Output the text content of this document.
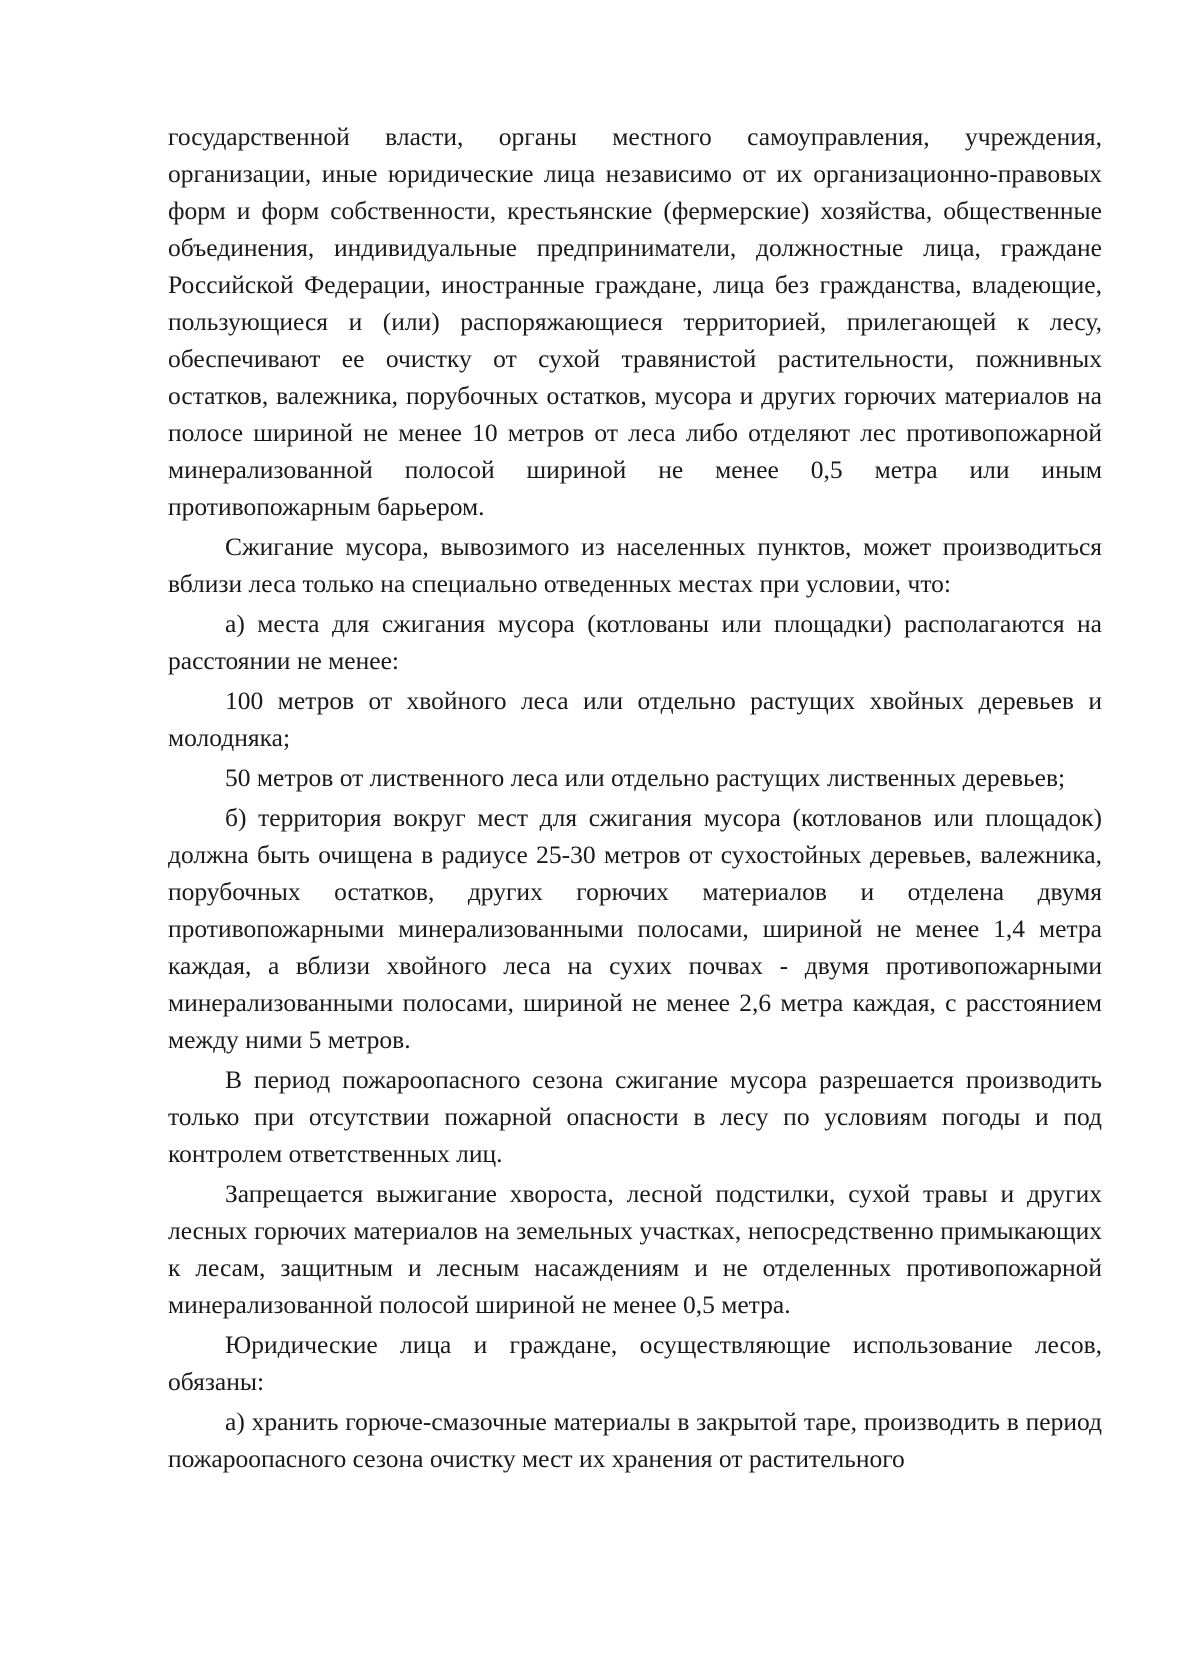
государственной власти, органы местного самоуправления, учреждения, организации, иные юридические лица независимо от их организационно-правовых форм и форм собственности, крестьянские (фермерские) хозяйства, общественные объединения, индивидуальные предприниматели, должностные лица, граждане Российской Федерации, иностранные граждане, лица без гражданства, владеющие, пользующиеся и (или) распоряжающиеся территорией, прилегающей к лесу, обеспечивают ее очистку от сухой травянистой растительности, пожнивных остатков, валежника, порубочных остатков, мусора и других горючих материалов на полосе шириной не менее 10 метров от леса либо отделяют лес противопожарной минерализованной полосой шириной не менее 0,5 метра или иным противопожарным барьером.

Сжигание мусора, вывозимого из населенных пунктов, может производиться вблизи леса только на специально отведенных местах при условии, что:

а) места для сжигания мусора (котлованы или площадки) располагаются на расстоянии не менее:

100 метров от хвойного леса или отдельно растущих хвойных деревьев и молодняка;

50 метров от лиственного леса или отдельно растущих лиственных деревьев;

б) территория вокруг мест для сжигания мусора (котлованов или площадок) должна быть очищена в радиусе 25-30 метров от сухостойных деревьев, валежника, порубочных остатков, других горючих материалов и отделена двумя противопожарными минерализованными полосами, шириной не менее 1,4 метра каждая, а вблизи хвойного леса на сухих почвах - двумя противопожарными минерализованными полосами, шириной не менее 2,6 метра каждая, с расстоянием между ними 5 метров.

В период пожароопасного сезона сжигание мусора разрешается производить только при отсутствии пожарной опасности в лесу по условиям погоды и под контролем ответственных лиц.

Запрещается выжигание хвороста, лесной подстилки, сухой травы и других лесных горючих материалов на земельных участках, непосредственно примыкающих к лесам, защитным и лесным насаждениям и не отделенных противопожарной минерализованной полосой шириной не менее 0,5 метра.

Юридические лица и граждане, осуществляющие использование лесов, обязаны:

а) хранить горюче-смазочные материалы в закрытой таре, производить в период пожароопасного сезона очистку мест их хранения от растительного
